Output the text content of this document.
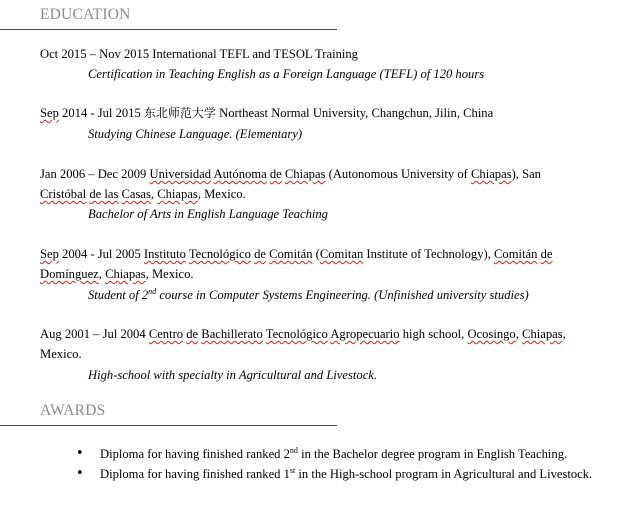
EDUCATION
Oct 2015 – Nov 2015 International TEFL and TESOL Training
Certification in Teaching English as a Foreign Language (TEFL) of 120 hours
Sep 2014 - Jul 2015 东北师范大学 Northeast Normal University, Changchun, Jilin, China
Studying Chinese Language. (Elementary)
Jan 2006 – Dec 2009 Universidad Autónoma de Chiapas (Autonomous University of Chiapas), San
Cristóbal de las Casas, Chiapas, Mexico.
Bachelor of Arts in English Language Teaching
Sep 2004 - Jul 2005 Instituto Tecnológico de Comitán (Comitan Institute of Technology), Comitán de
Domínguez, Chiapas, Mexico.
Student of 2nd course in Computer Systems Engineering. (Unfinished university studies)
Aug 2001 – Jul 2004 Centro de Bachillerato Tecnológico Agropecuario high school, Ocosingo, Chiapas,
Mexico.
High-school with specialty in Agricultural and Livestock.
AWARDS
• Diploma for having finished ranked 2nd in the Bachelor degree program in English Teaching.
• Diploma for having finished ranked 1st in the High-school program in Agricultural and Livestock.
